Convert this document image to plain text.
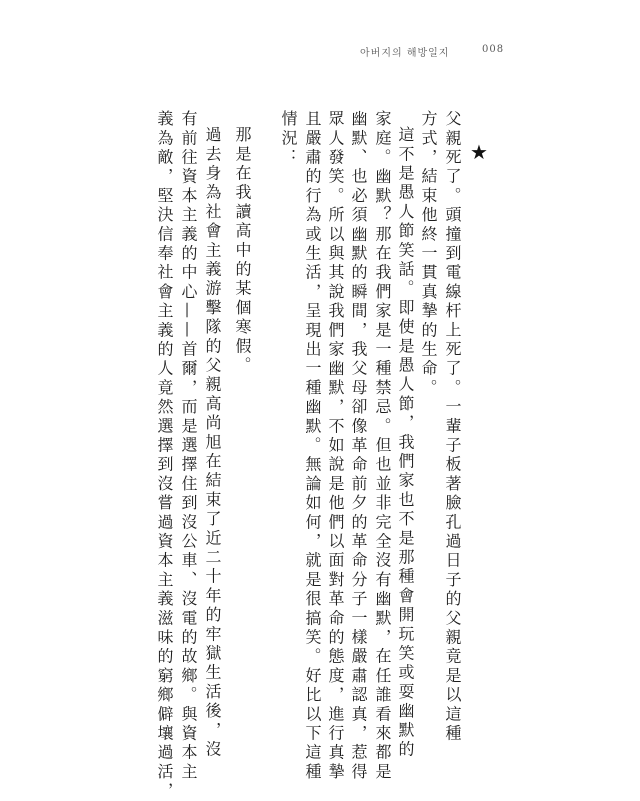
아버지의 해방일지	008
★
父親死了。頭撞到電線杆上死了。一輩子板著臉孔過日子的父親竟是以這種
方式，結束他終一貫真摯的生命。
這不是愚人節笑話。即使是愚人節，我們家也不是那種會開玩笑或耍幽默的
家庭。幽默？那在我們家是一種禁忌。但也並非完全沒有幽默，在任誰看來都是
幽默、也必須幽默的瞬間，我父母卻像革命前夕的革命分子一樣嚴肅認真，惹得
眾人發笑。所以與其說我們家幽默，不如說是他們以面對革命的態度，進行真摯
且嚴肅的行為或生活，呈現出一種幽默。無論如何，就是很搞笑。好比以下這種
情況：
那是在我讀高中的某個寒假。
過去身為社會主義游擊隊的父親高尚旭在結束了近二十年的牢獄生活後，沒
有前往資本主義的中心——首爾，而是選擇住到沒公車、沒電的故鄉。與資本主
義為敵，堅決信奉社會主義的人竟然選擇到沒嘗過資本主義滋味的窮鄉僻壤過活，
